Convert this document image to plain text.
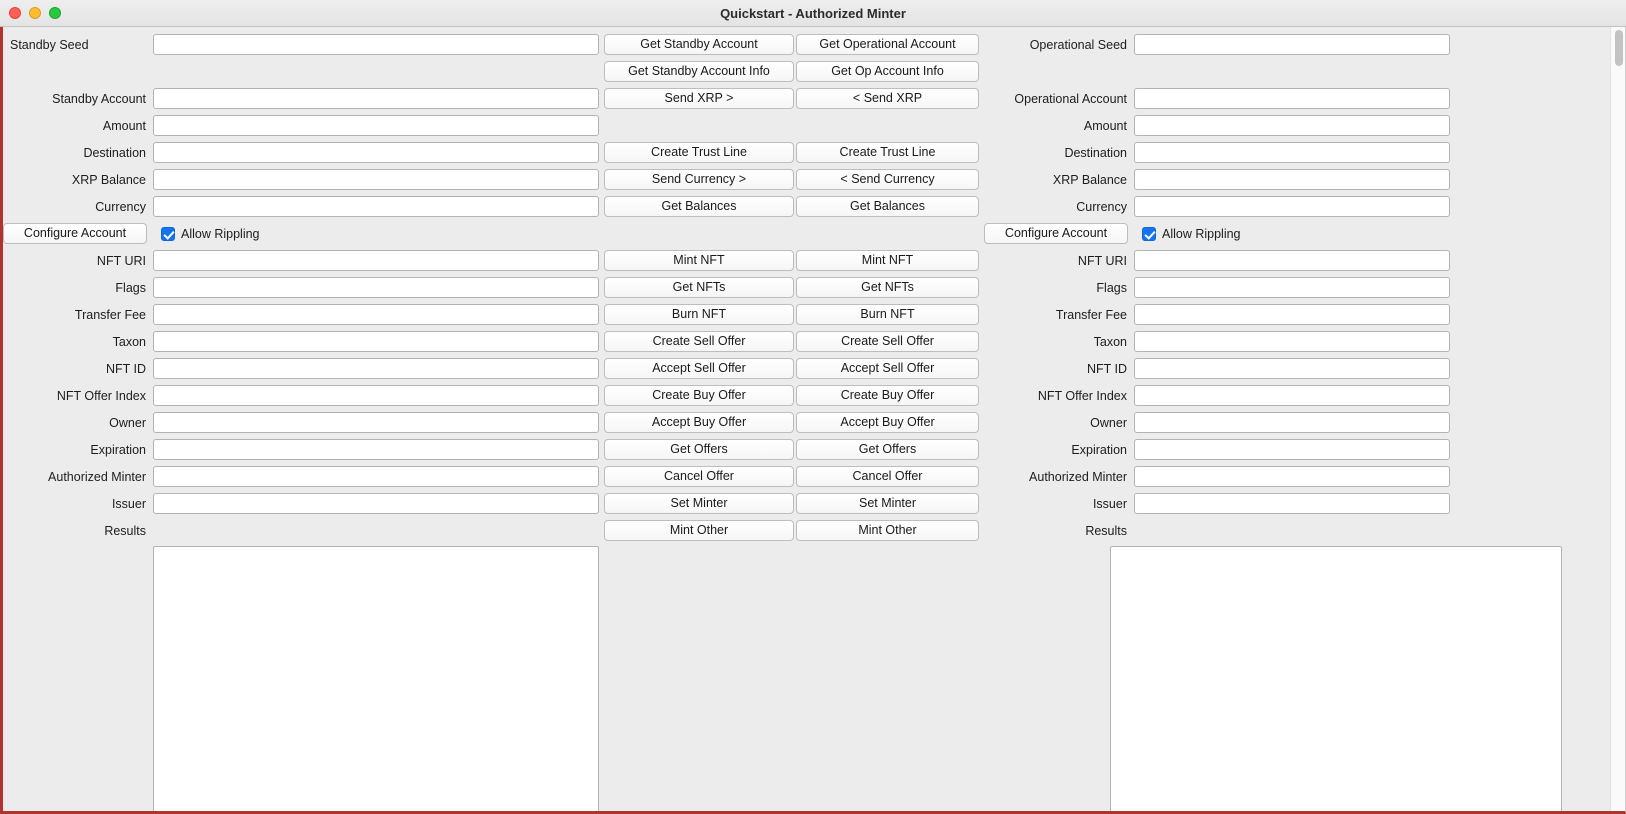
Quickstart - Authorized Minter
Standby Seed	Get Standby Account	Get Operational Account	Operational Seed
Get Standby Account Info	Get Op Account Info
Standby Account	Send XRP >	< Send XRP	Operational Account
Amount	Amount
Destination	Create Trust Line	Create Trust Line	Destination
XRP Balance	Send Currency >	< Send Currency	XRP Balance
Currency	Get Balances	Get Balances	Currency
Configure Account	Allow Rippling	Configure Account	Allow Rippling
NFT URI	Mint NFT	Mint NFT	NFT URI
Flags	Get NFTs	Get NFTs	Flags
Transfer Fee	Burn NFT	Burn NFT	Transfer Fee
Taxon	Create Sell Offer	Create Sell Offer	Taxon
NFT ID	Accept Sell Offer	Accept Sell Offer	NFT ID
NFT Offer Index	Create Buy Offer	Create Buy Offer	NFT Offer Index
Owner	Accept Buy Offer	Accept Buy Offer	Owner
Expiration	Get Offers	Get Offers	Expiration
Authorized Minter	Cancel Offer	Cancel Offer	Authorized Minter
Issuer	Set Minter	Set Minter	Issuer
Results	Mint Other	Mint Other	Results
